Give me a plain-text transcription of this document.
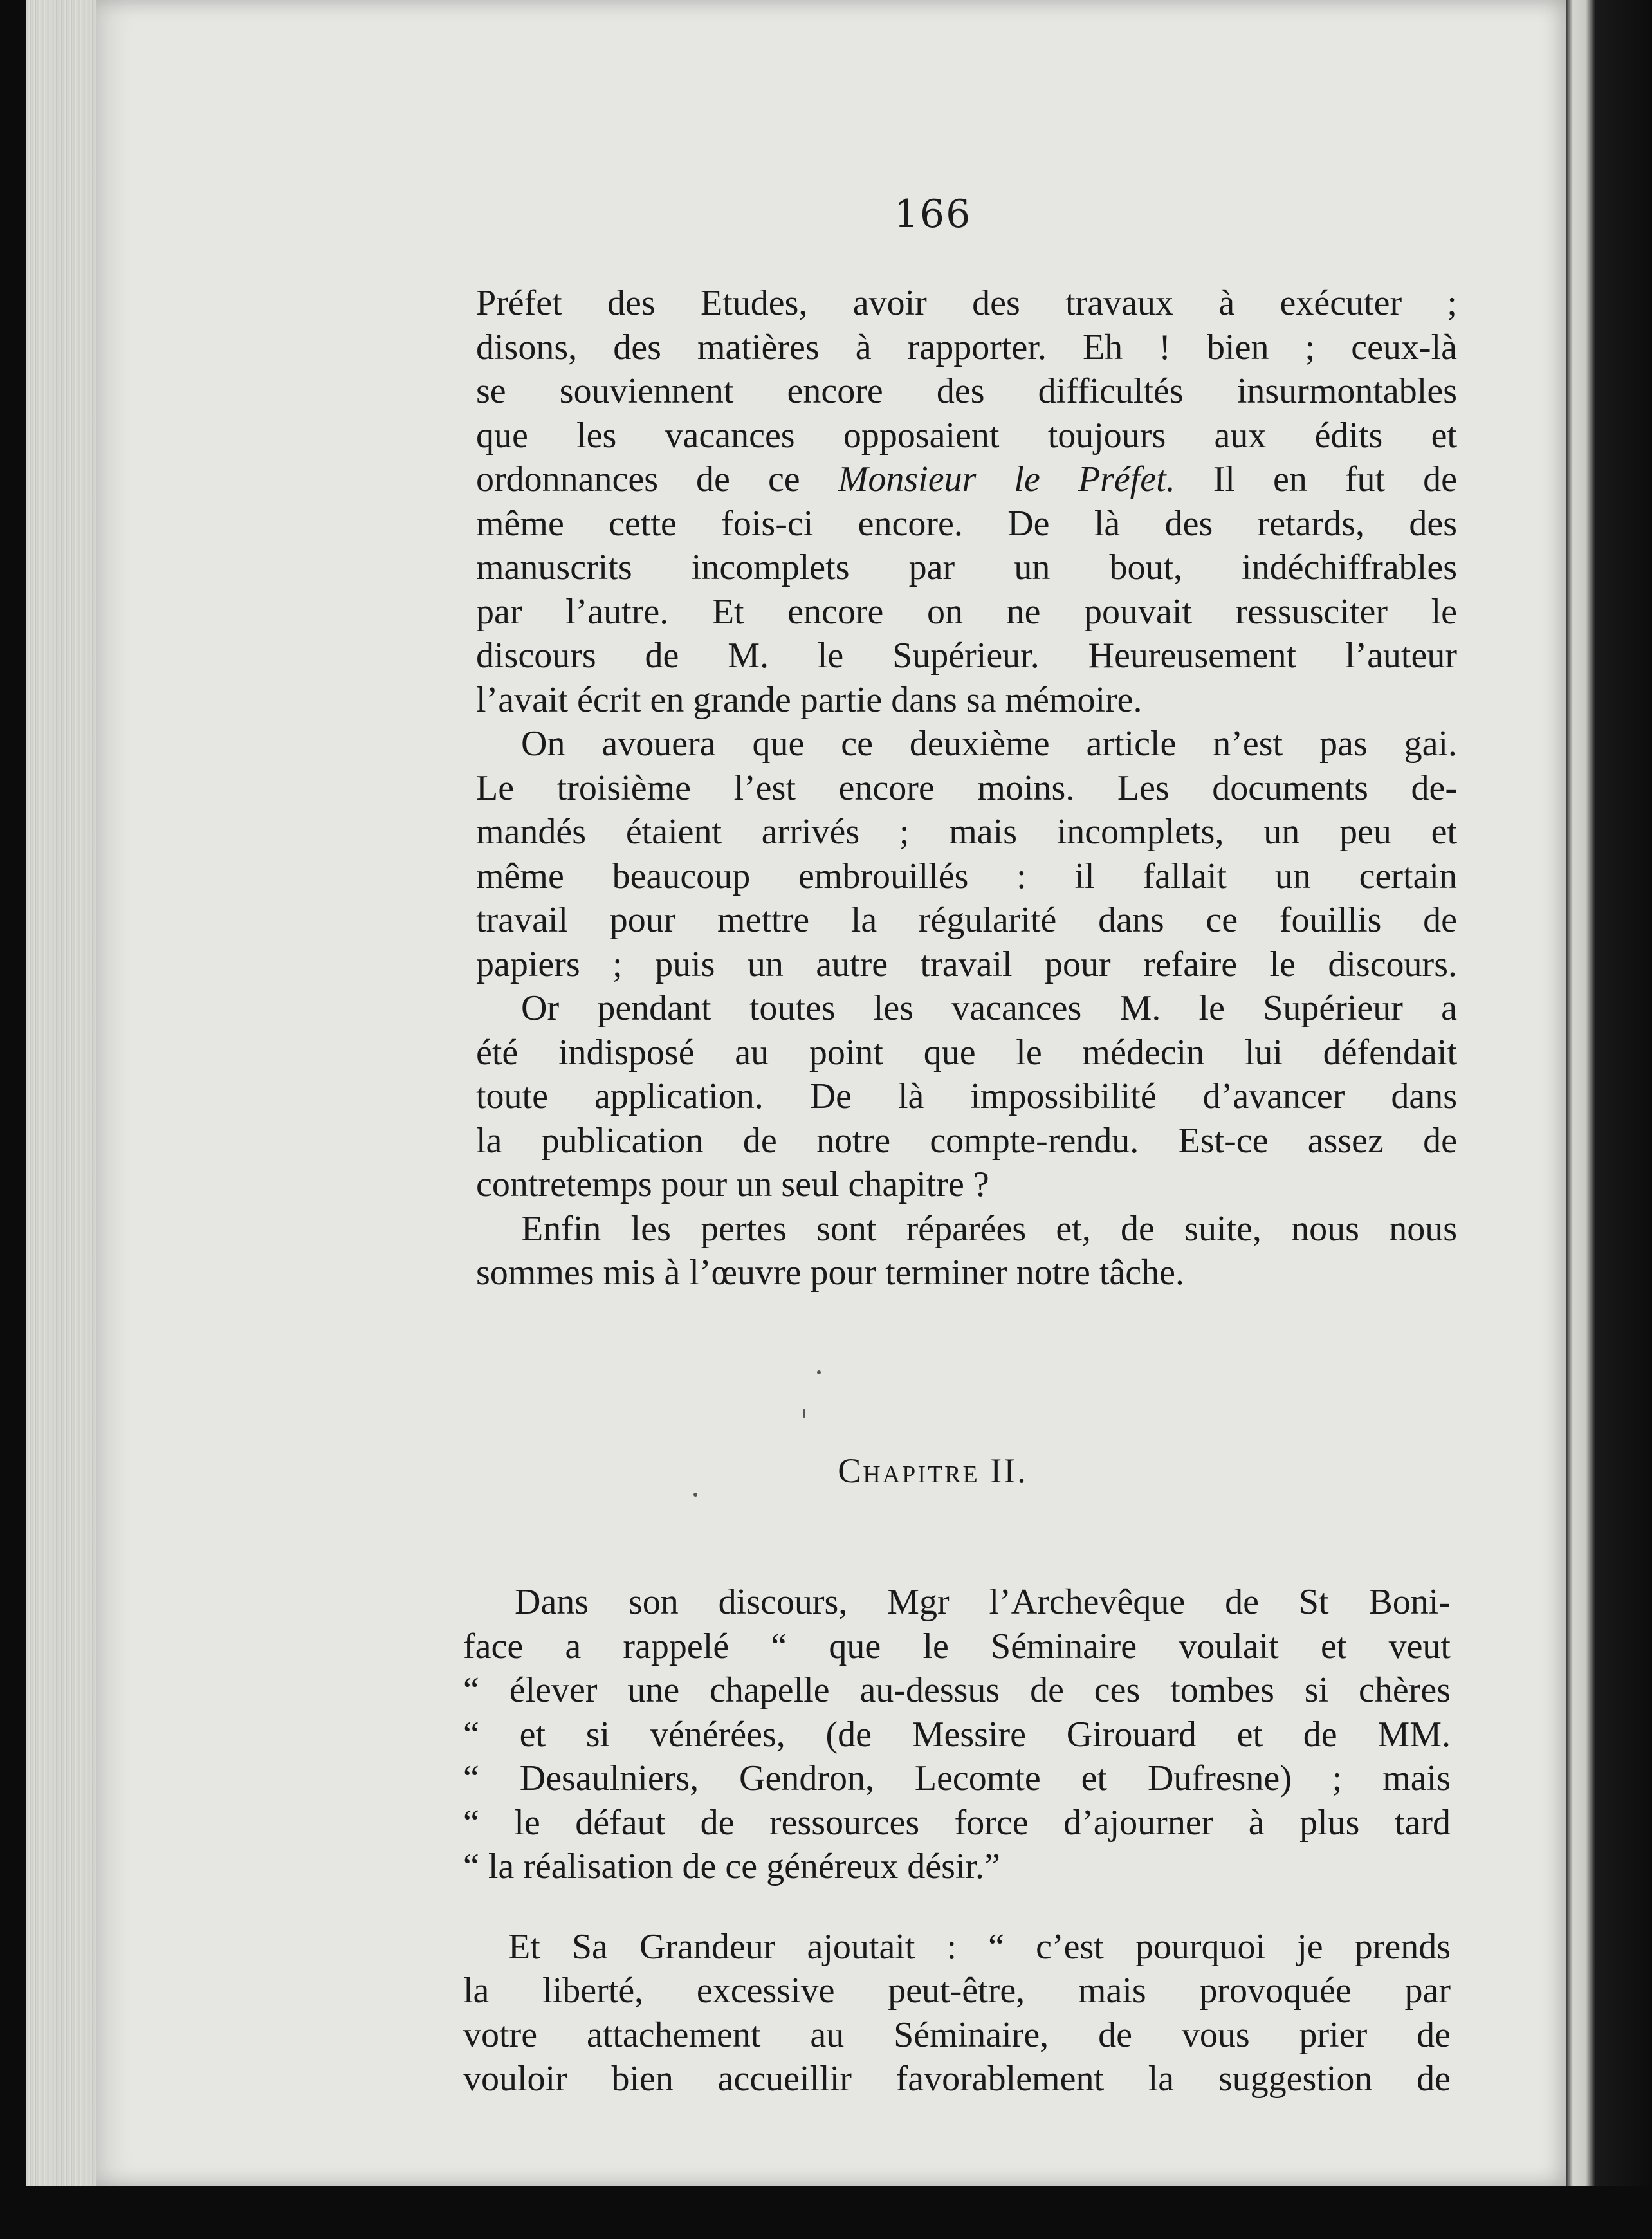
166

Préfet des Etudes, avoir des travaux à exécuter ;
disons, des matières à rapporter. Eh ! bien ; ceux-là
se souviennent encore des difficultés insurmontables
que les vacances opposaient toujours aux édits et
ordonnances de ce Monsieur le Préfet. Il en fut de
même cette fois-ci encore. De là des retards, des
manuscrits incomplets par un bout, indéchiffrables
par l’autre. Et encore on ne pouvait ressusciter le
discours de M. le Supérieur. Heureusement l’auteur
l’avait écrit en grande partie dans sa mémoire.

On avouera que ce deuxième article n’est pas gai.
Le troisième l’est encore moins. Les documents de-
mandés étaient arrivés ; mais incomplets, un peu et
même beaucoup embrouillés : il fallait un certain
travail pour mettre la régularité dans ce fouillis de
papiers ; puis un autre travail pour refaire le discours.

Or pendant toutes les vacances M. le Supérieur a
été indisposé au point que le médecin lui défendait
toute application. De là impossibilité d’avancer dans
la publication de notre compte-rendu. Est-ce assez de
contretemps pour un seul chapitre ?

Enfin les pertes sont réparées et, de suite, nous nous
sommes mis à l’œuvre pour terminer notre tâche.

Chapitre II.

Dans son discours, Mgr l’Archevêque de St Boni-
face a rappelé “ que le Séminaire voulait et veut
“ élever une chapelle au-dessus de ces tombes si chères
“ et si vénérées, (de Messire Girouard et de MM.
“ Desaulniers, Gendron, Lecomte et Dufresne) ; mais
“ le défaut de ressources force d’ajourner à plus tard
“ la réalisation de ce généreux désir.”

Et Sa Grandeur ajoutait : “ c’est pourquoi je prends
la liberté, excessive peut-être, mais provoquée par
votre attachement au Séminaire, de vous prier de
vouloir bien accueillir favorablement la suggestion de
